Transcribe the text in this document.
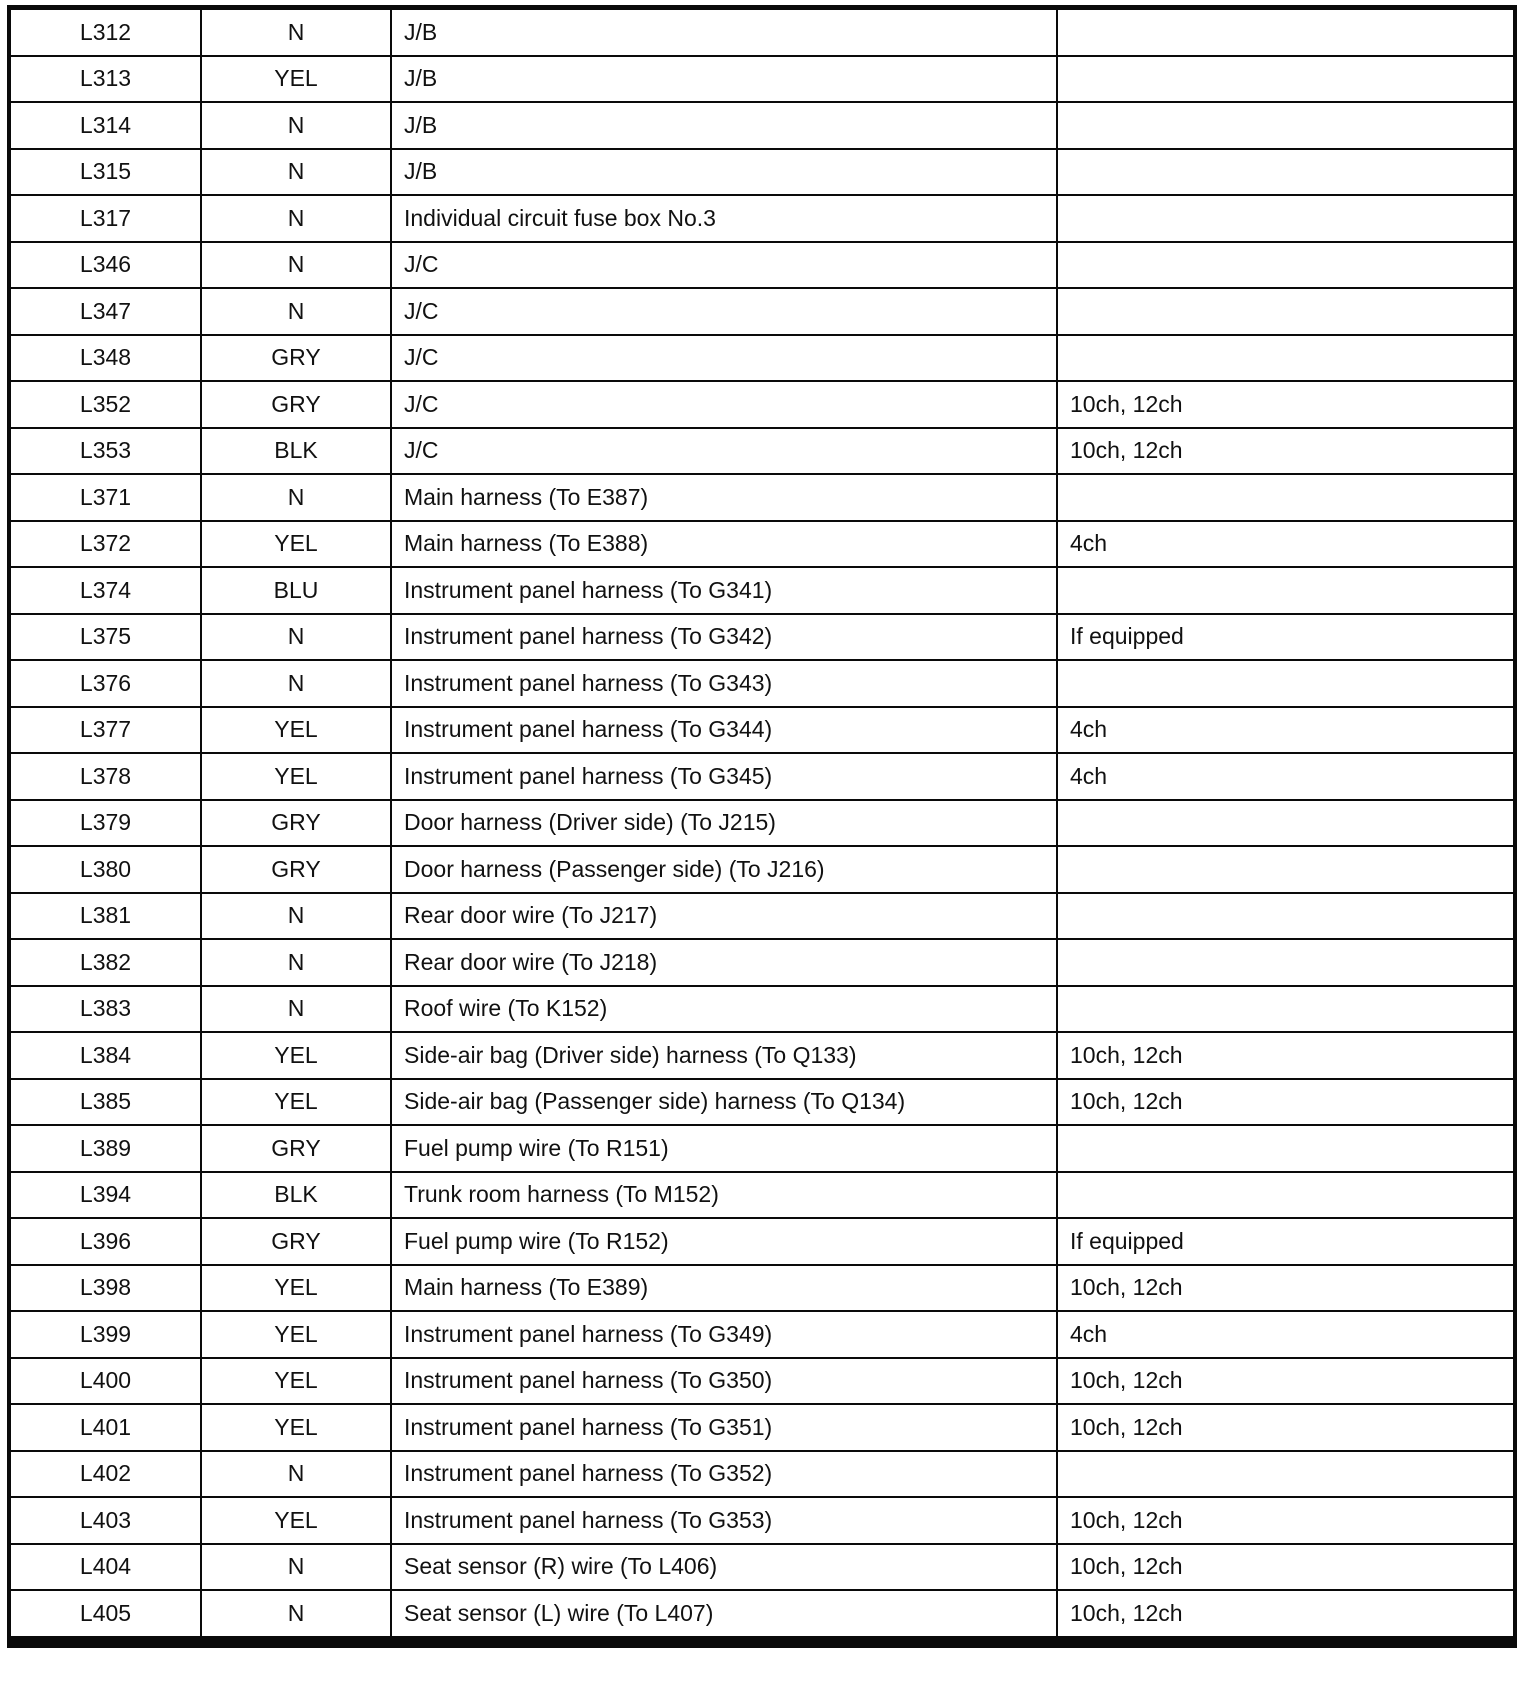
L312	N	J/B	
L313	YEL	J/B	
L314	N	J/B	
L315	N	J/B	
L317	N	Individual circuit fuse box No.3	
L346	N	J/C	
L347	N	J/C	
L348	GRY	J/C	
L352	GRY	J/C	10ch, 12ch
L353	BLK	J/C	10ch, 12ch
L371	N	Main harness (To E387)	
L372	YEL	Main harness (To E388)	4ch
L374	BLU	Instrument panel harness (To G341)	
L375	N	Instrument panel harness (To G342)	If equipped
L376	N	Instrument panel harness (To G343)	
L377	YEL	Instrument panel harness (To G344)	4ch
L378	YEL	Instrument panel harness (To G345)	4ch
L379	GRY	Door harness (Driver side) (To J215)	
L380	GRY	Door harness (Passenger side) (To J216)	
L381	N	Rear door wire (To J217)	
L382	N	Rear door wire (To J218)	
L383	N	Roof wire (To K152)	
L384	YEL	Side-air bag (Driver side) harness (To Q133)	10ch, 12ch
L385	YEL	Side-air bag (Passenger side) harness (To Q134)	10ch, 12ch
L389	GRY	Fuel pump wire (To R151)	
L394	BLK	Trunk room harness (To M152)	
L396	GRY	Fuel pump wire (To R152)	If equipped
L398	YEL	Main harness (To E389)	10ch, 12ch
L399	YEL	Instrument panel harness (To G349)	4ch
L400	YEL	Instrument panel harness (To G350)	10ch, 12ch
L401	YEL	Instrument panel harness (To G351)	10ch, 12ch
L402	N	Instrument panel harness (To G352)	
L403	YEL	Instrument panel harness (To G353)	10ch, 12ch
L404	N	Seat sensor (R) wire (To L406)	10ch, 12ch
L405	N	Seat sensor (L) wire (To L407)	10ch, 12ch
